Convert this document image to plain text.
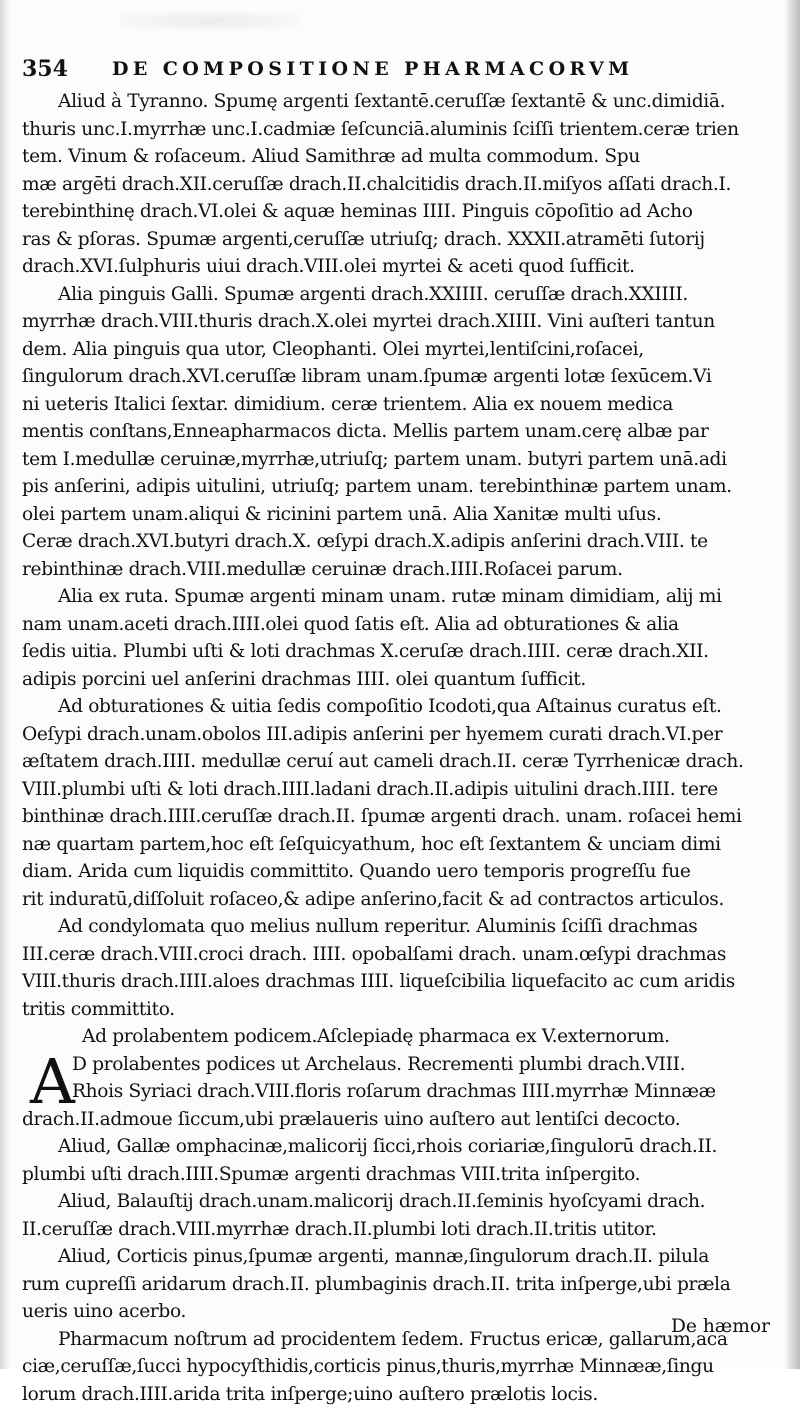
354 DE COMPOSITIONE PHARMACORVM
Aliud à Tyranno. Spumę argenti ſextantē.ceruſſæ ſextantē & unc.dimidiā.
thuris unc.I.myrrhæ unc.I.cadmiæ ſeſcunciā.aluminis ſciſſi trientem.ceræ trien
tem. Vinum & roſaceum. Aliud Samithræ ad multa commodum. Spu
mæ argēti drach.XII.ceruſſæ drach.II.chalcitidis drach.II.miſyos aſſati drach.I.
terebinthinę drach.VI.olei & aquæ heminas IIII. Pinguis cōpoſitio ad Acho
ras & pſoras. Spumæ argenti,ceruſſæ utriuſq; drach. XXXII.atramēti ſutorij
drach.XVI.ſulphuris uiui drach.VIII.olei myrtei & aceti quod ſufficit.
Alia pinguis Galli. Spumæ argenti drach.XXIIII. ceruſſæ drach.XXIIII.
myrrhæ drach.VIII.thuris drach.X.olei myrtei drach.XIIII. Vini auſteri tantun
dem. Alia pinguis qua utor, Cleophanti. Olei myrtei,lentiſcini,roſacei,
ſingulorum drach.XVI.ceruſſæ libram unam.ſpumæ argenti lotæ ſexūcem.Vi
ni ueteris Italici ſextar. dimidium. ceræ trientem. Alia ex nouem medica
mentis conſtans,Enneapharmacos dicta. Mellis partem unam.cerę albæ par
tem I.medullæ ceruinæ,myrrhæ,utriuſq; partem unam. butyri partem unā.adi
pis anſerini, adipis uitulini, utriuſq; partem unam. terebinthinæ partem unam.
olei partem unam.aliqui & ricinini partem unā. Alia Xanitæ multi uſus.
Ceræ drach.XVI.butyri drach.X. œſypi drach.X.adipis anſerini drach.VIII. te
rebinthinæ drach.VIII.medullæ ceruinæ drach.IIII.Roſacei parum.
Alia ex ruta. Spumæ argenti minam unam. rutæ minam dimidiam, alij mi
nam unam.aceti drach.IIII.olei quod ſatis eſt. Alia ad obturationes & alia
ſedis uitia. Plumbi uſti & loti drachmas X.ceruſæ drach.IIII. ceræ drach.XII.
adipis porcini uel anſerini drachmas IIII. olei quantum ſufficit.
Ad obturationes & uitia ſedis compoſitio Icodoti,qua Aſtainus curatus eſt.
Oeſypi drach.unam.obolos III.adipis anſerini per hyemem curati drach.VI.per
æſtatem drach.IIII. medullæ ceruí aut cameli drach.II. ceræ Tyrrhenicæ drach.
VIII.plumbi uſti & loti drach.IIII.ladani drach.II.adipis uitulini drach.IIII. tere
binthinæ drach.IIII.ceruſſæ drach.II. ſpumæ argenti drach. unam. roſacei hemi
næ quartam partem,hoc eſt ſeſquicyathum, hoc eſt ſextantem & unciam dimi
diam. Arida cum liquidis committito. Quando uero temporis progreſſu fue
rit induratū,diſſoluit roſaceo,& adipe anſerino,facit & ad contractos articulos.
Ad condylomata quo melius nullum reperitur. Aluminis ſciſſi drachmas
III.ceræ drach.VIII.croci drach. IIII. opobalſami drach. unam.œſypi drachmas
VIII.thuris drach.IIII.aloes drachmas IIII. liqueſcibilia liquefacito ac cum aridis
tritis committito.
Ad prolabentem podicem.Aſclepiadę pharmaca ex V.externorum.
A
D prolabentes podices ut Archelaus. Recrementi plumbi drach.VIII.
Rhois Syriaci drach.VIII.floris roſarum drachmas IIII.myrrhæ Minnææ
drach.II.admoue ſiccum,ubi prælaueris uino auſtero aut lentiſci decocto.
Aliud, Gallæ omphacinæ,malicorij ſicci,rhois coriariæ,ſingulorū drach.II.
plumbi uſti drach.IIII.Spumæ argenti drachmas VIII.trita inſpergito.
Aliud, Balauſtij drach.unam.malicorij drach.II.ſeminis hyoſcyami drach.
II.ceruſſæ drach.VIII.myrrhæ drach.II.plumbi loti drach.II.tritis utitor.
Aliud, Corticis pinus,ſpumæ argenti, mannæ,ſingulorum drach.II. pilula
rum cupreſſi aridarum drach.II. plumbaginis drach.II. trita inſperge,ubi præla
ueris uino acerbo.
Pharmacum noſtrum ad procidentem ſedem. Fructus ericæ, gallarum,aca
ciæ,ceruſſæ,ſucci hypocyſthidis,corticis pinus,thuris,myrrhæ Minnææ,ſingu
lorum drach.IIII.arida trita inſperge;uino auſtero prælotis locis.
De hæmor
